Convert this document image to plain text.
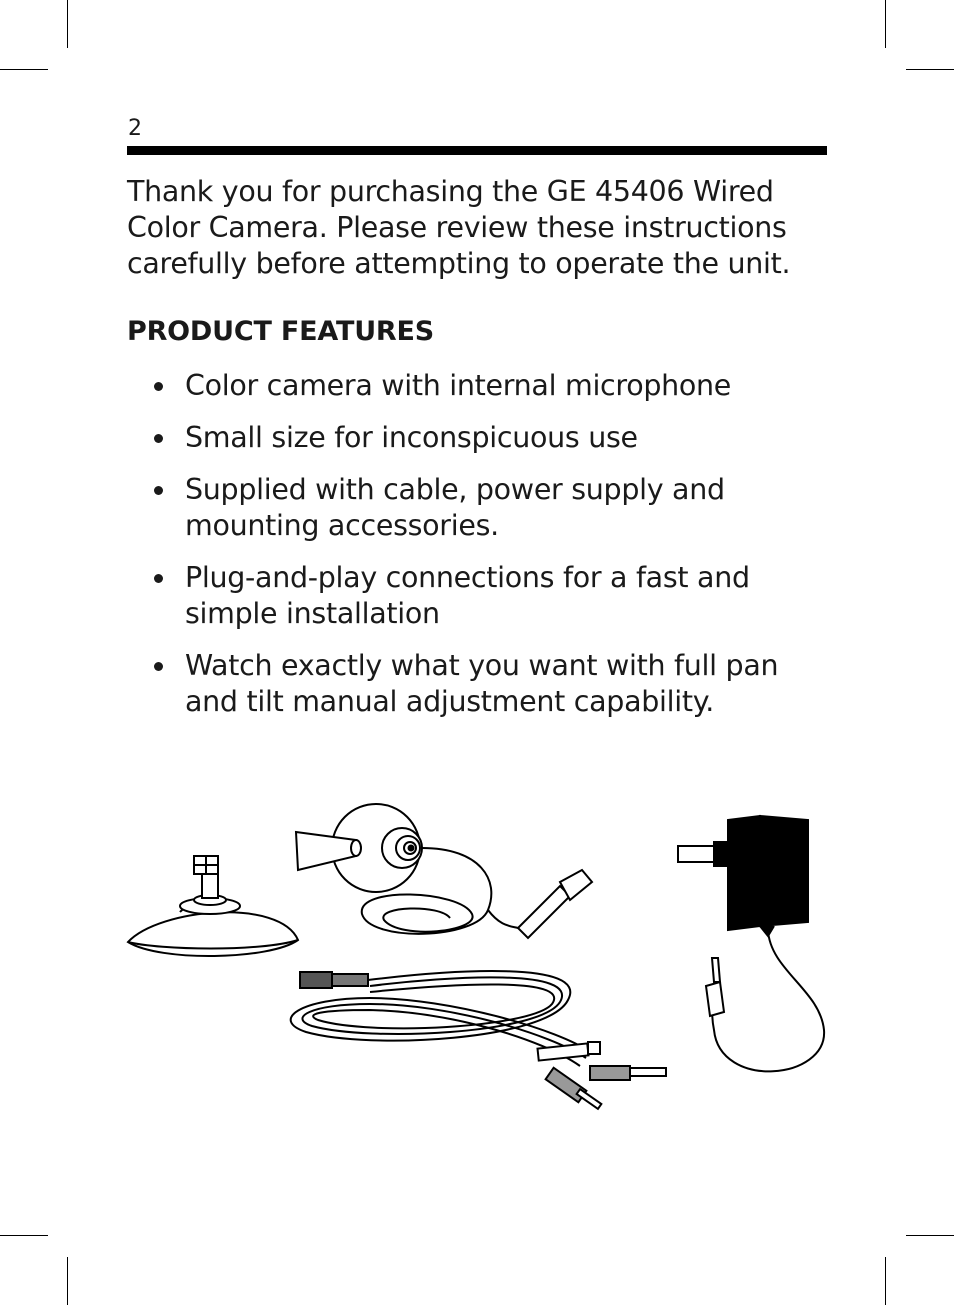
2

Thank you for purchasing the GE 45406 Wired Color Camera. Please review these instructions carefully before attempting to operate the unit.

PRODUCT FEATURES
Color camera with internal microphone
Small size for inconspicuous use
Supplied with cable, power supply and mounting accessories.
Plug-and-play connections for a fast and simple installation
Watch exactly what you want with full pan and tilt manual adjustment capability.
